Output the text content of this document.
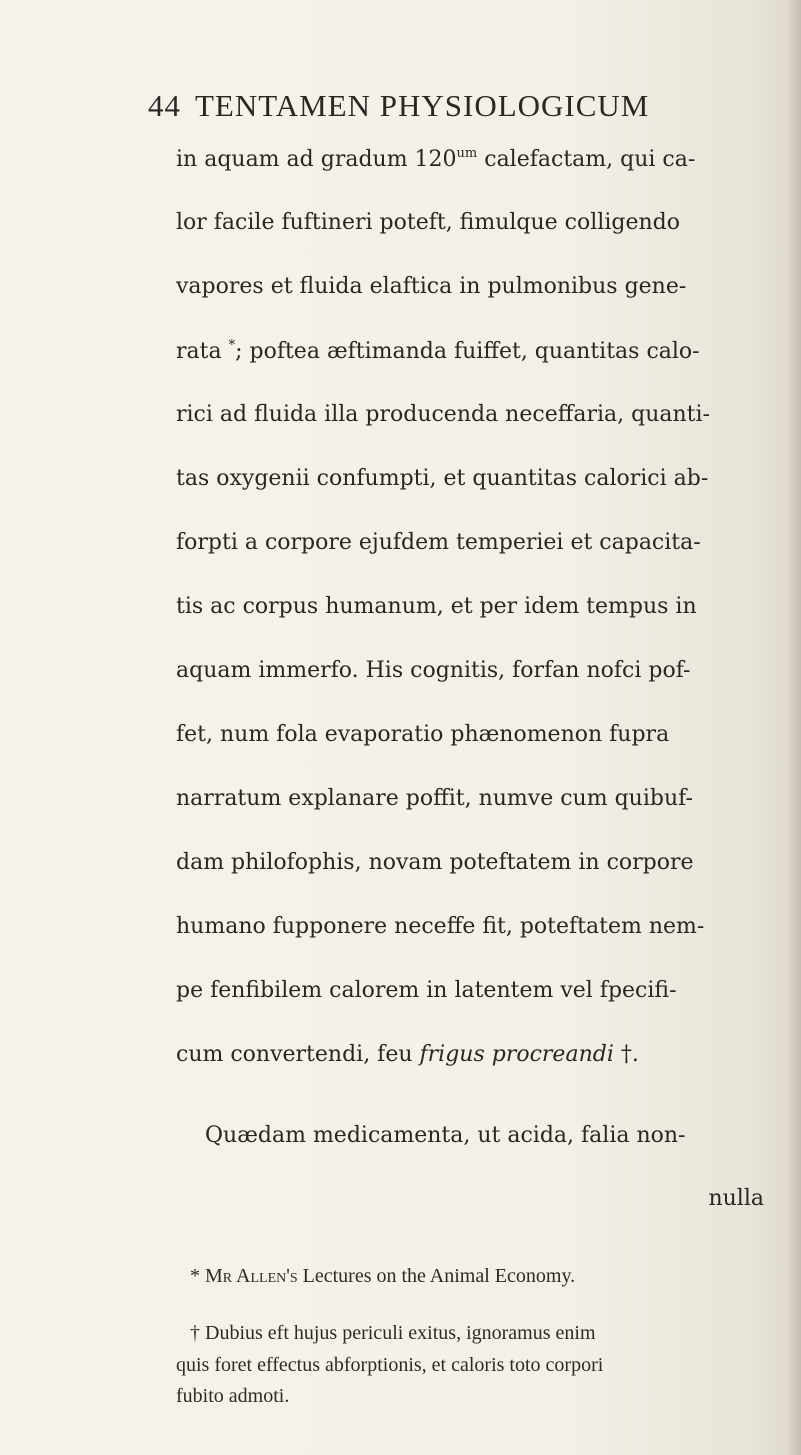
44 TENTAMEN PHYSIOLOGICUM
in aquam ad gradum $120^{um}$ calefactam, qui ca-
lor facile fuftineri poteft, fimulque colligendo
vapores et fluida elaftica in pulmonibus gene-
rata *; poftea æftimanda fuiffet, quantitas calo-
rici ad fluida illa producenda neceffaria, quanti-
tas oxygenii confumpti, et quantitas calorici ab-
forpti a corpore ejufdem temperiei et capacita-
tis ac corpus humanum, et per idem tempus in
aquam immerfo. His cognitis, forfan nofci pof-
fet, num fola evaporatio phænomenon fupra
narratum explanare poffit, numve cum quibuf-
dam philofophis, novam poteftatem in corpore
humano fupponere neceffe fit, poteftatem nem-
pe fenfibilem calorem in latentem vel fpecifi-
cum convertendi, feu frigus procreandi †.
Quædam medicamenta, ut acida, falia non-
nulla
* Mr Allen's Lectures on the Animal Economy.
† Dubius eft hujus periculi exitus, ignoramus enim
quis foret effectus abforptionis, et caloris toto corpori
fubito admoti.
